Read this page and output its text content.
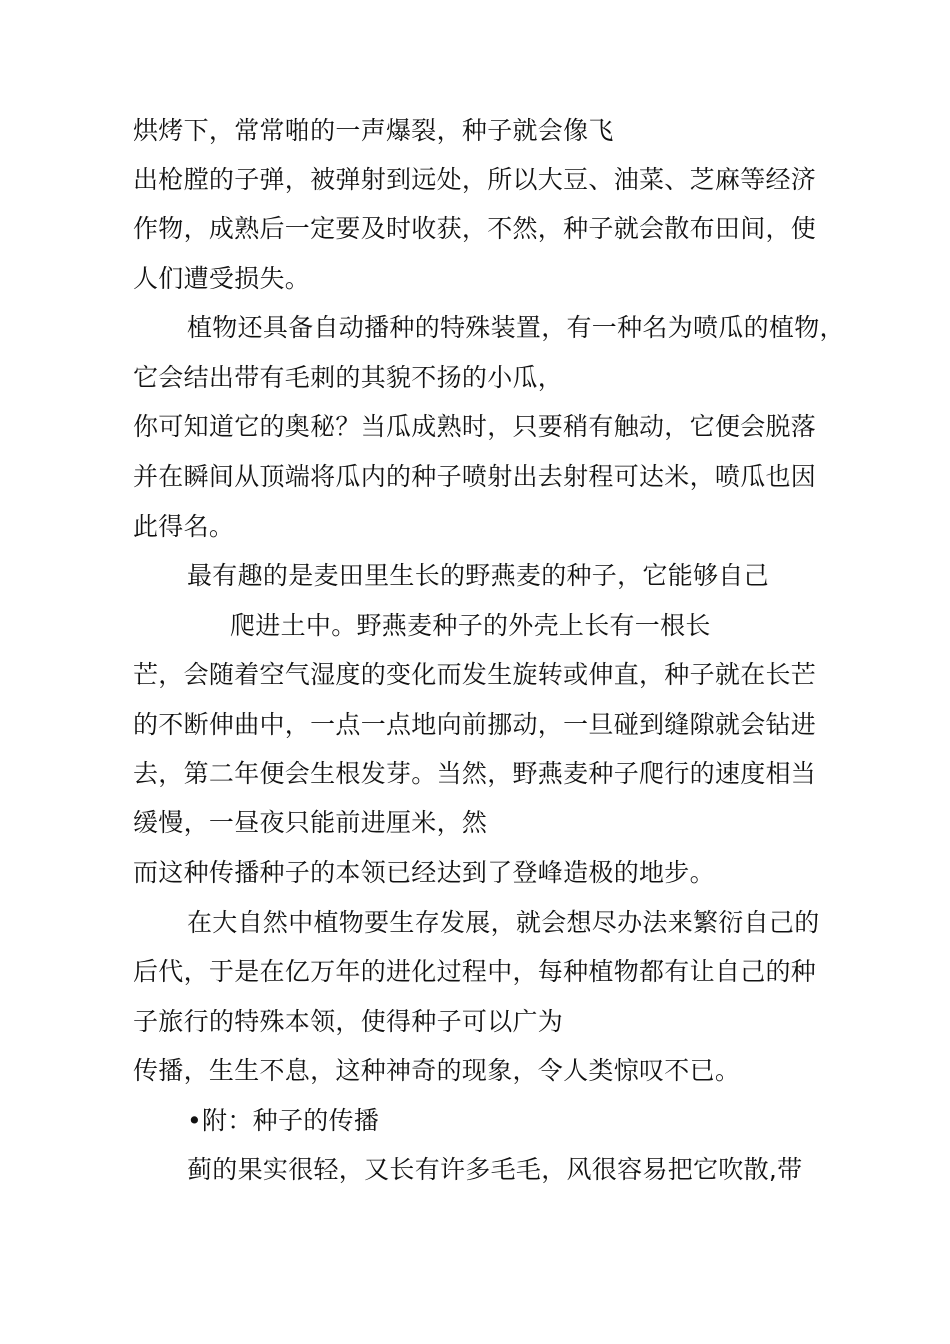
烘烤下，常常啪的一声爆裂，种子就会像飞
出枪膛的子弹，被弹射到远处，所以大豆、油菜、芝麻等经济
作物，成熟后一定要及时收获，不然，种子就会散布田间，使
人们遭受损失。
植物还具备自动播种的特殊装置，有一种名为喷瓜的植物，
它会结出带有毛刺的其貌不扬的小瓜，
你可知道它的奥秘？当瓜成熟时，只要稍有触动，它便会脱落
并在瞬间从顶端将瓜内的种子喷射出去射程可达米，喷瓜也因
此得名。
最有趣的是麦田里生长的野燕麦的种子，它能够自己
爬进土中。野燕麦种子的外壳上长有一根长
芒，会随着空气湿度的变化而发生旋转或伸直，种子就在长芒
的不断伸曲中，一点一点地向前挪动，一旦碰到缝隙就会钻进
去，第二年便会生根发芽。当然，野燕麦种子爬行的速度相当
缓慢，一昼夜只能前进厘米，然
而这种传播种子的本领已经达到了登峰造极的地步。
在大自然中植物要生存发展，就会想尽办法来繁衍自己的
后代，于是在亿万年的进化过程中，每种植物都有让自己的种
子旅行的特殊本领，使得种子可以广为
传播，生生不息，这种神奇的现象，令人类惊叹不已。
•附：种子的传播
蓟的果实很轻，又长有许多毛毛，风很容易把它吹散,带
